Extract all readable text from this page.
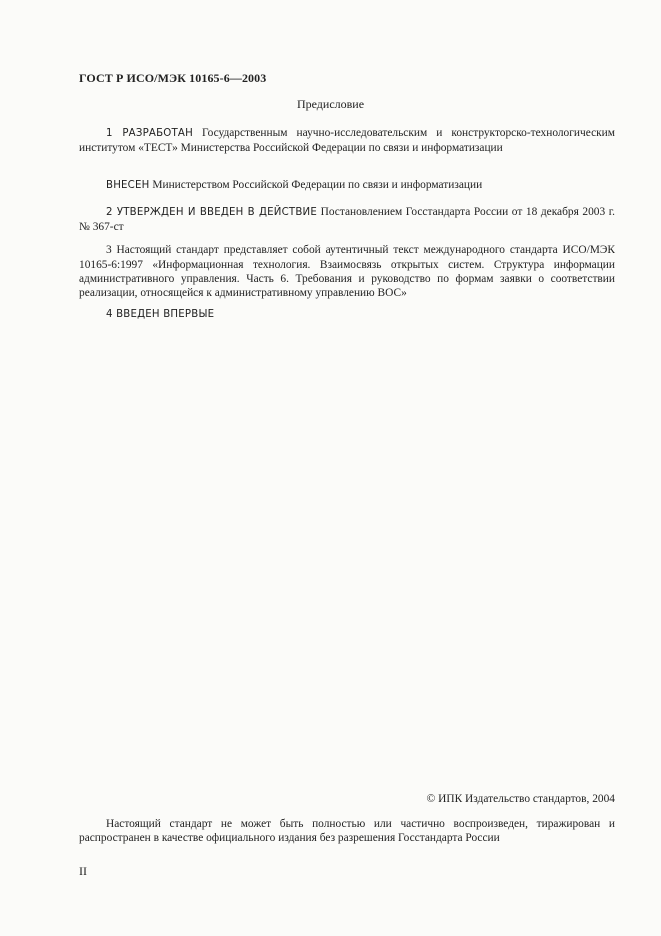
ГОСТ Р ИСО/МЭК 10165-6—2003
Предисловие
1 РАЗРАБОТАН Государственным научно-исследовательским и конструкторско-технологическим институтом «ТЕСТ» Министерства Российской Федерации по связи и информатизации
ВНЕСЕН Министерством Российской Федерации по связи и информатизации
2 УТВЕРЖДЕН И ВВЕДЕН В ДЕЙСТВИЕ Постановлением Госстандарта России от 18 декабря 2003 г. № 367-ст
3 Настоящий стандарт представляет собой аутентичный текст международного стандарта ИСО/МЭК 10165-6:1997 «Информационная технология. Взаимосвязь открытых систем. Структура информации административного управления. Часть 6. Требования и руководство по формам заявки о соответствии реализации, относящейся к административному управлению ВОС»
4 ВВЕДЕН ВПЕРВЫЕ
© ИПК Издательство стандартов, 2004
Настоящий стандарт не может быть полностью или частично воспроизведен, тиражирован и распространен в качестве официального издания без разрешения Госстандарта России
II
